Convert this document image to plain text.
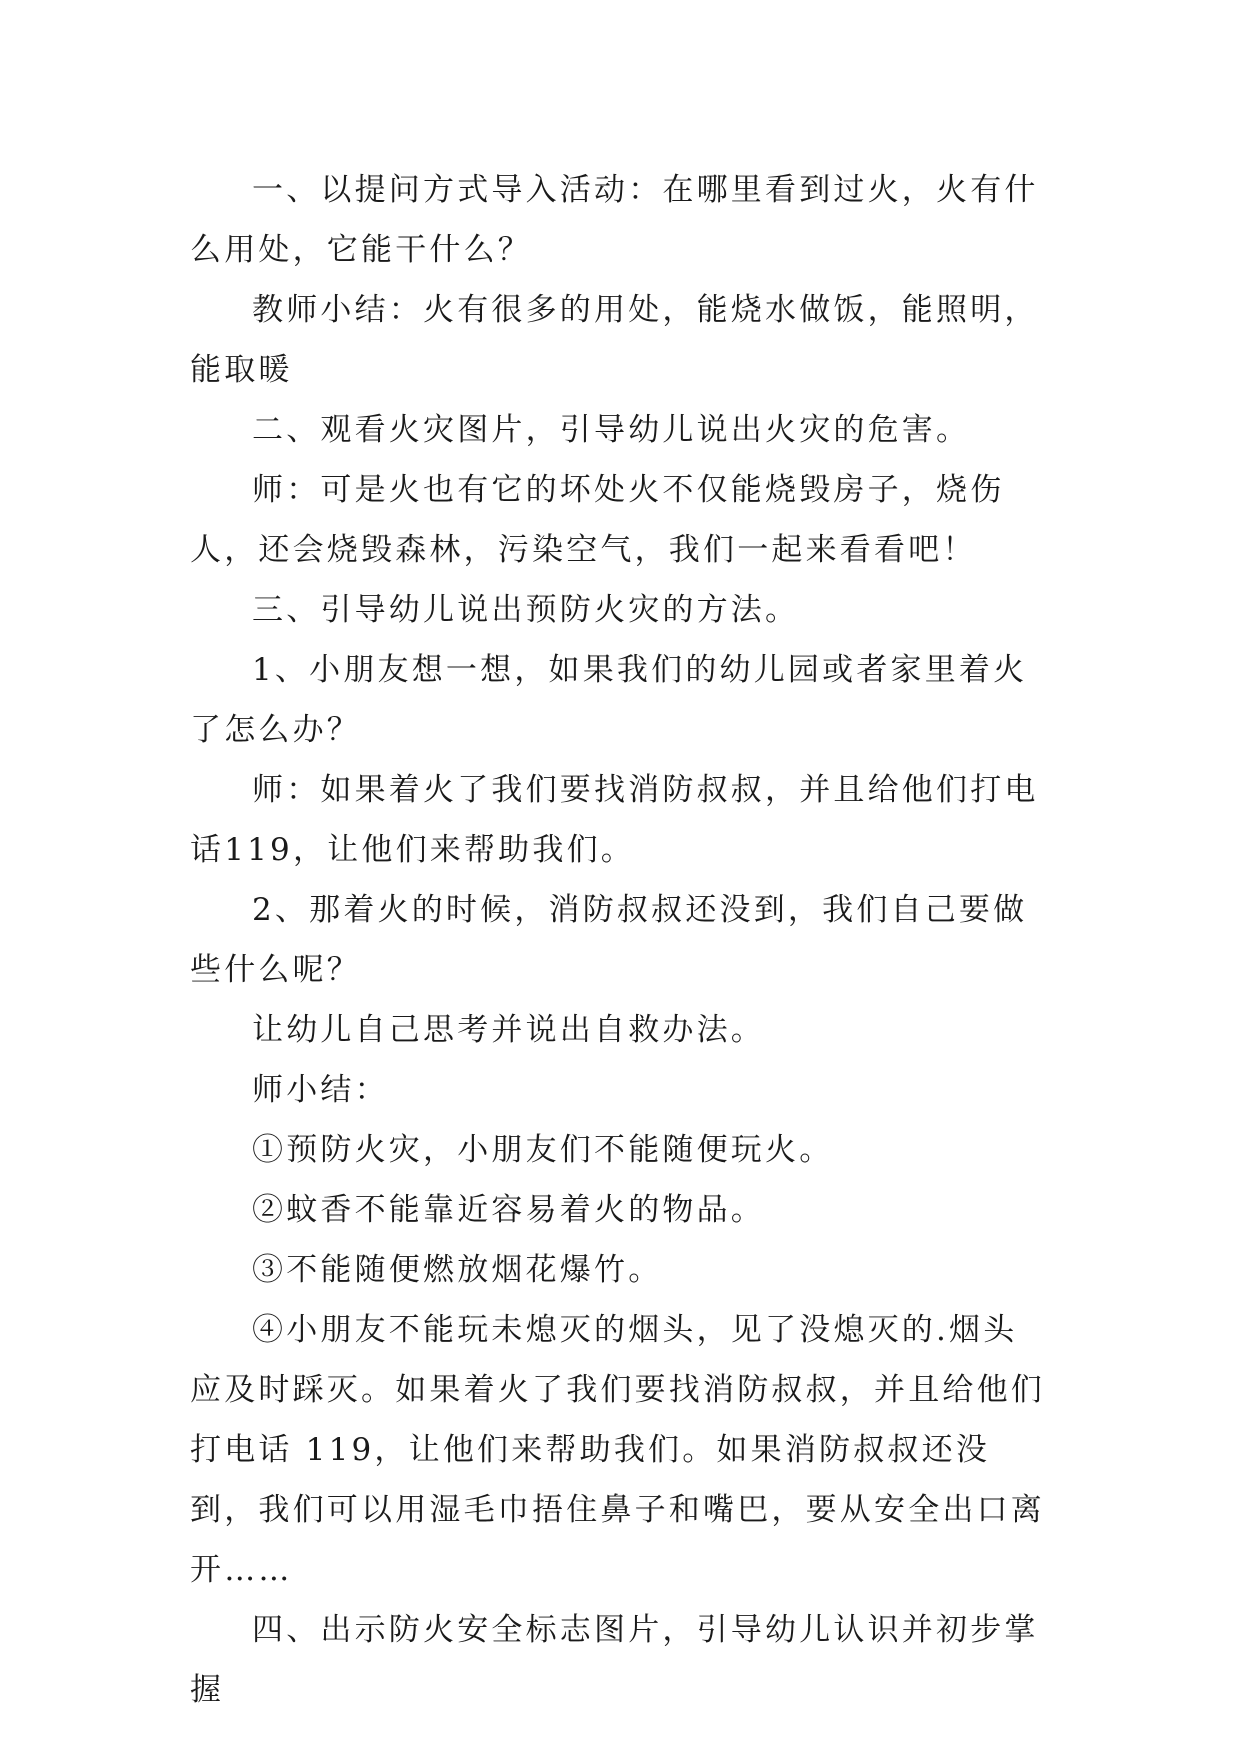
一、以提问方式导入活动：在哪里看到过火，火有什么用处，它能干什么？

教师小结：火有很多的用处，能烧水做饭，能照明，能取暖

二、观看火灾图片，引导幼儿说出火灾的危害。

师：可是火也有它的坏处火不仅能烧毁房子，烧伤人，还会烧毁森林，污染空气，我们一起来看看吧！

三、引导幼儿说出预防火灾的方法。

1、小朋友想一想，如果我们的幼儿园或者家里着火了怎么办？

师：如果着火了我们要找消防叔叔，并且给他们打电话119，让他们来帮助我们。

2、那着火的时候，消防叔叔还没到，我们自己要做些什么呢？

让幼儿自己思考并说出自救办法。

师小结：

①预防火灾，小朋友们不能随便玩火。

②蚊香不能靠近容易着火的物品。

③不能随便燃放烟花爆竹。

④小朋友不能玩未熄灭的烟头，见了没熄灭的.烟头应及时踩灭。如果着火了我们要找消防叔叔，并且给他们打电话 119，让他们来帮助我们。如果消防叔叔还没到，我们可以用湿毛巾捂住鼻子和嘴巴，要从安全出口离开……

四、出示防火安全标志图片，引导幼儿认识并初步掌握
